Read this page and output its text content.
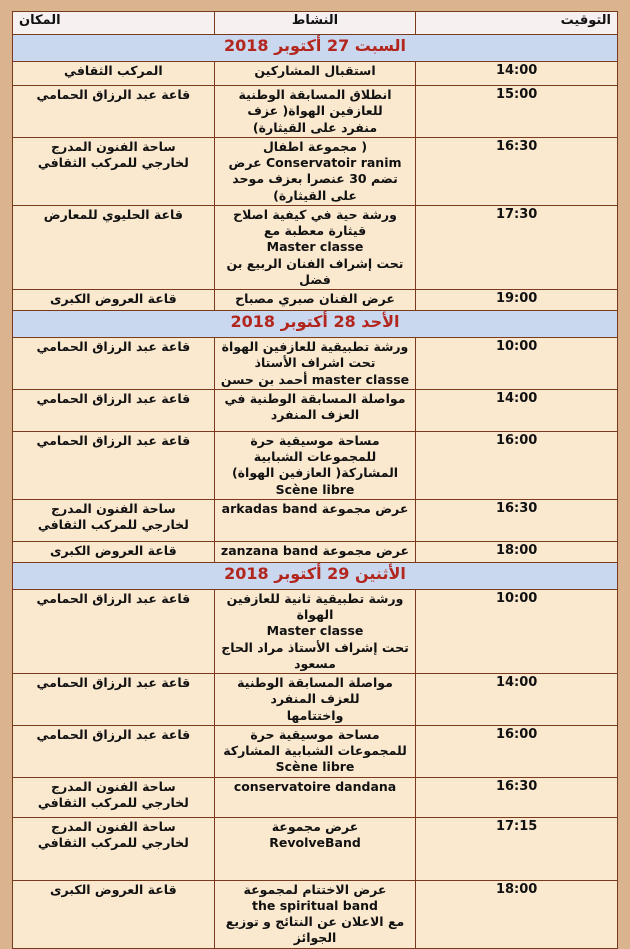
التوقيت	النشاط	المكان
السبت 27 أكتوبر 2018		
14:00	استقبال المشاركين	المركب الثقافي

15:00	انطلاق المسابقة الوطنية للعازفين الهواة( عزف
منفرد على القيثارة)	قاعة عبد الرزاق الحمامي

16:30	( مجموعة اطفال Conservatoir ranim عرض
تضم 30 عنصرا بعزف موحد على القيثارة)	ساحة الفنون المدرج
لخارجي للمركب الثقافي

17:30	ورشة حية في كيفية اصلاح قيثارة معطبة مع
Master classe
تحت إشراف الفنان الربيع بن فضل	قاعة الحليوي للمعارض

19:00	عرض الفنان صبري مصباح	قاعة العروض الكبرى

الأحد 28 أكتوبر 2018		
10:00	ورشة تطبيقية للعازفين الهواة تحت اشراف الأستاذ
master classe أحمد بن حسن	قاعة عبد الرزاق الحمامي

14:00	مواصلة المسابقة الوطنية في العزف المنفرد	قاعة عبد الرزاق الحمامي

16:00	مساحة موسيقية حرة للمجموعات الشبابية
المشاركة( العازفين الهواة)
Scène libre	قاعة عبد الرزاق الحمامي

16:30	عرض مجموعة arkadas band	ساحة الفنون المدرج
لخارجي للمركب الثقافي

18:00	عرض مجموعة zanzana band	قاعة العروض الكبرى

الأثنين 29 أكتوبر 2018		
10:00	ورشة تطبيقية ثانية للعازفين الهواة
Master classe
تحت إشراف الأستاذ مراد الحاج مسعود	قاعة عبد الرزاق الحمامي

14:00	مواصلة المسابقة الوطنية للعزف المنفرد
واختتامها	قاعة عبد الرزاق الحمامي

16:00	مساحة موسيقية حرة للمجموعات الشبابية المشاركة
Scène libre	قاعة عبد الرزاق الحمامي

16:30	conservatoire dandana	ساحة الفنون المدرج
لخارجي للمركب الثقافي

17:15	عرض مجموعة
RevolveBand	ساحة الفنون المدرج
لخارجي للمركب الثقافي

18:00	عرض الاختتام لمجموعة
the spiritual band
مع الاعلان عن النتائج و توزيع الجوائز	قاعة العروض الكبرى
